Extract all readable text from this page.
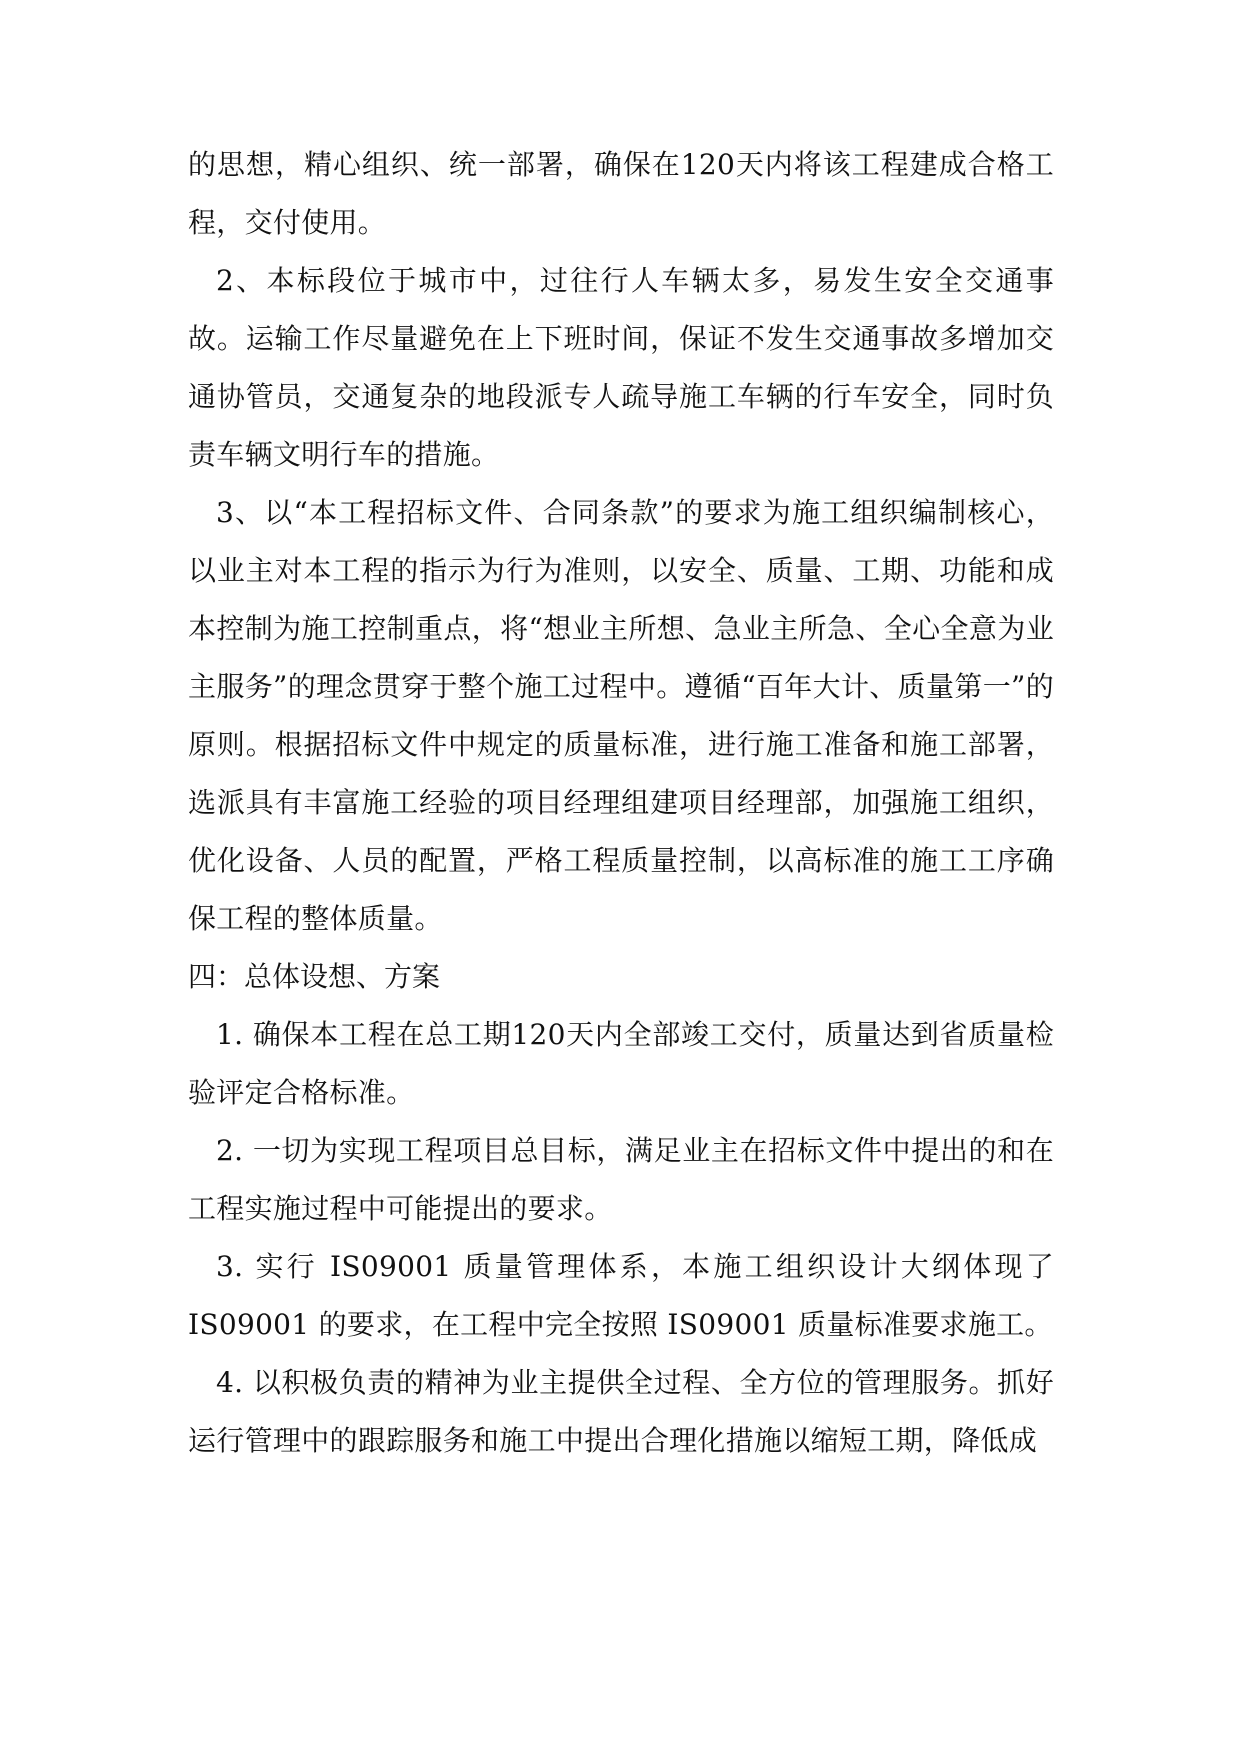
的思想，精心组织、统一部署，确保在120天内将该工程建成合格工程，交付使用。

2、本标段位于城市中，过往行人车辆太多，易发生安全交通事故。运输工作尽量避免在上下班时间，保证不发生交通事故多增加交通协管员，交通复杂的地段派专人疏导施工车辆的行车安全，同时负责车辆文明行车的措施。

3、以“本工程招标文件、合同条款”的要求为施工组织编制核心，以业主对本工程的指示为行为准则，以安全、质量、工期、功能和成本控制为施工控制重点，将“想业主所想、急业主所急、全心全意为业主服务”的理念贯穿于整个施工过程中。遵循“百年大计、质量第一”的原则。根据招标文件中规定的质量标准，进行施工准备和施工部署，选派具有丰富施工经验的项目经理组建项目经理部，加强施工组织，优化设备、人员的配置，严格工程质量控制，以高标准的施工工序确保工程的整体质量。

四：总体设想、方案

1. 确保本工程在总工期120天内全部竣工交付，质量达到省质量检验评定合格标准。

2. 一切为实现工程项目总目标，满足业主在招标文件中提出的和在工程实施过程中可能提出的要求。

3. 实行 IS09001 质量管理体系，本施工组织设计大纲体现了IS09001 的要求，在工程中完全按照 IS09001 质量标准要求施工。

4. 以积极负责的精神为业主提供全过程、全方位的管理服务。抓好运行管理中的跟踪服务和施工中提出合理化措施以缩短工期，降低成
